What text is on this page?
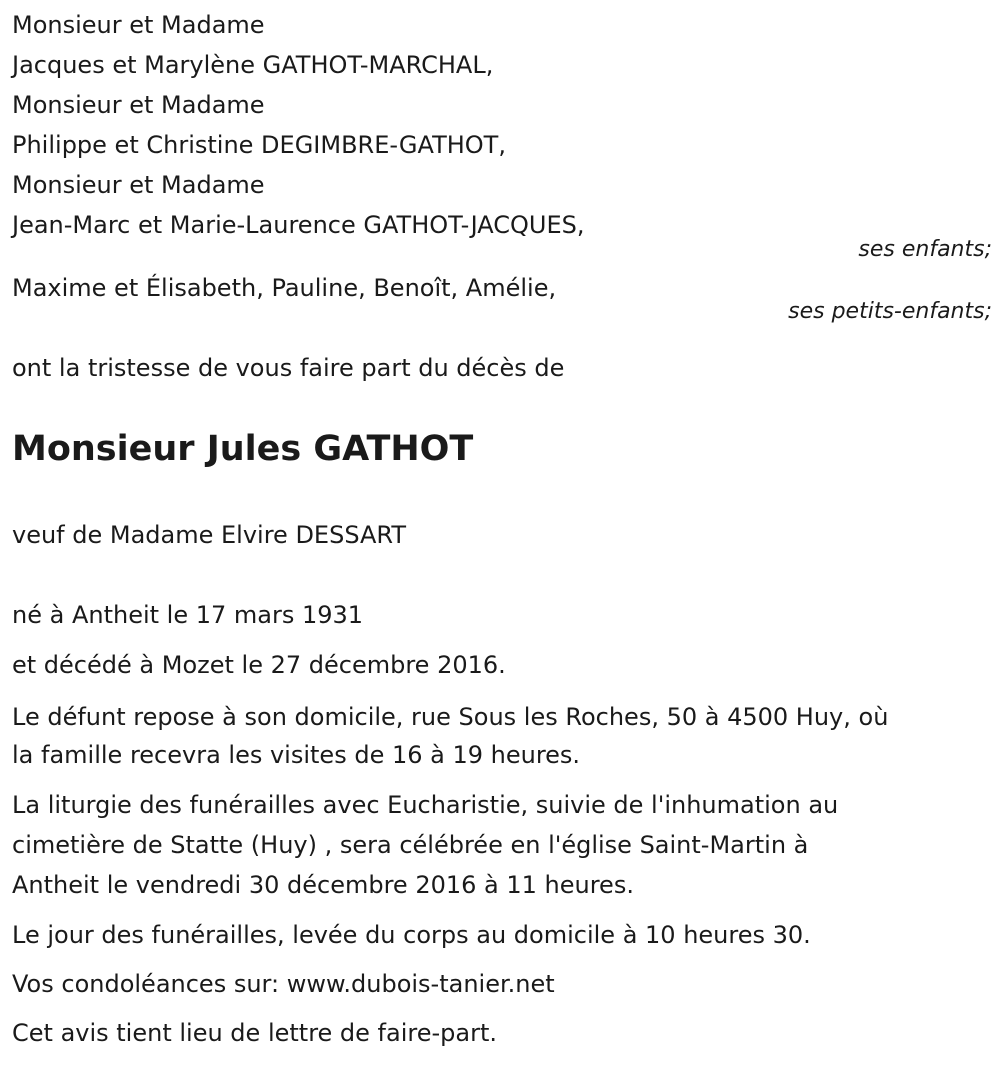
Monsieur et Madame
Jacques et Marylène GATHOT-MARCHAL,
Monsieur et Madame
Philippe et Christine DEGIMBRE-GATHOT,
Monsieur et Madame
Jean-Marc et Marie-Laurence GATHOT-JACQUES,
ses enfants;
Maxime et Élisabeth, Pauline, Benoît, Amélie,
ses petits-enfants;
ont la tristesse de vous faire part du décès de
Monsieur Jules GATHOT
veuf de Madame Elvire DESSART
né à Antheit le 17 mars 1931
et décédé à Mozet le 27 décembre 2016.
Le défunt repose à son domicile, rue Sous les Roches, 50 à 4500 Huy, où
la famille recevra les visites de 16 à 19 heures.
La liturgie des funérailles avec Eucharistie, suivie de l'inhumation au
cimetière de Statte (Huy) , sera célébrée en l'église Saint-Martin à
Antheit le vendredi 30 décembre 2016 à 11 heures.
Le jour des funérailles, levée du corps au domicile à 10 heures 30.
Vos condoléances sur: www.dubois-tanier.net
Cet avis tient lieu de lettre de faire-part.
